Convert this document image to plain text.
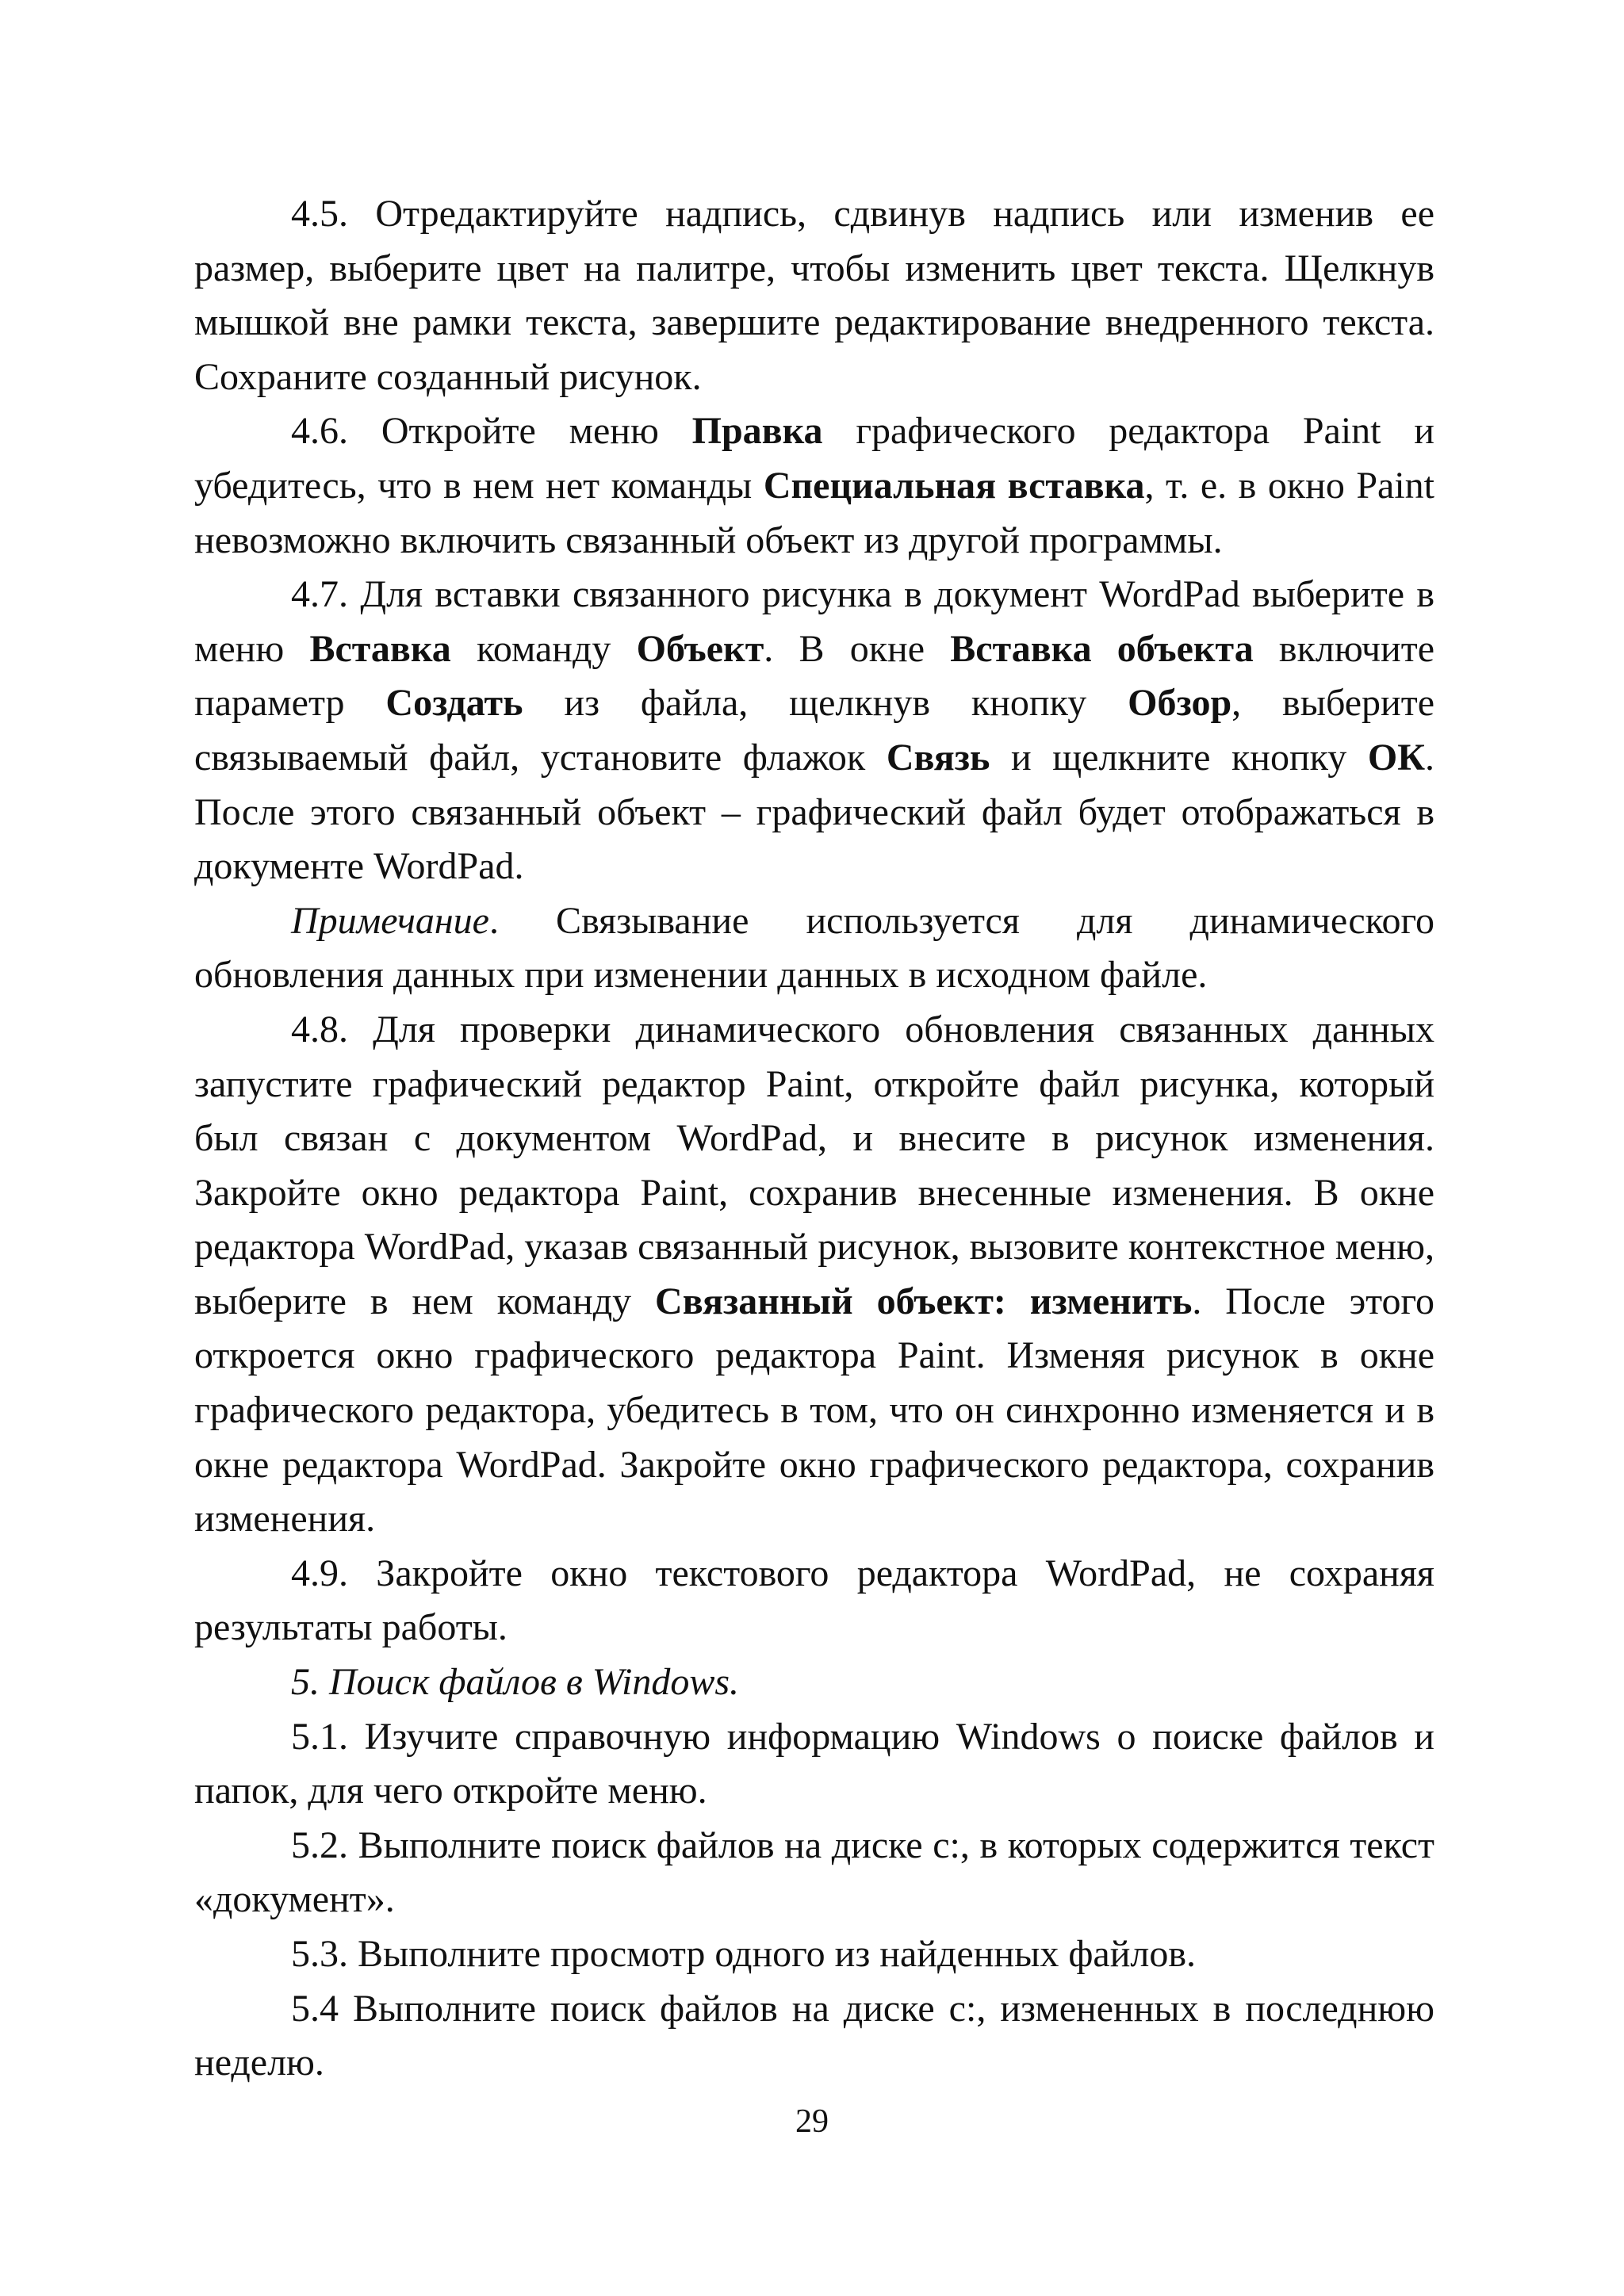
4.5. Отредактируйте надпись, сдвинув надпись или изменив ее размер, выберите цвет на палитре, чтобы изменить цвет текста. Щелкнув мышкой вне рамки текста, завершите редактирование внедренного текста. Сохраните созданный рисунок.

4.6. Откройте меню Правка графического редактора Paint и убедитесь, что в нем нет команды Специальная вставка, т. е. в окно Paint невозможно включить связанный объект из другой программы.

4.7. Для вставки связанного рисунка в документ WordPad выберите в меню Вставка команду Объект. В окне Вставка объекта включите параметр Создать из файла, щелкнув кнопку Обзор, выберите связываемый файл, установите флажок Связь и щелкните кнопку ОК. После этого связанный объект – графический файл будет отображаться в документе WordPad.

Примечание. Связывание используется для динамического обновления данных при изменении данных в исходном файле.

4.8. Для проверки динамического обновления связанных данных запустите графический редактор Paint, откройте файл рисунка, который был связан с документом WordPad, и внесите в рисунок изменения. Закройте окно редактора Paint, сохранив внесенные изменения. В окне редактора WordPad, указав связанный рисунок, вызовите контекстное меню, выберите в нем команду Связанный объект: изменить. После этого откроется окно графического редактора Paint. Изменяя рисунок в окне графического редактора, убедитесь в том, что он синхронно изменяется и в окне редактора WordPad. Закройте окно графического редактора, сохранив изменения.

4.9. Закройте окно текстового редактора WordPad, не сохраняя результаты работы.

5. Поиск файлов в Windows.

5.1. Изучите справочную информацию Windows о поиске файлов и папок, для чего откройте меню.

5.2. Выполните поиск файлов на диске c:, в которых содержится текст «документ».

5.3. Выполните просмотр одного из найденных файлов.

5.4 Выполните поиск файлов на диске c:, измененных в последнюю неделю.

29
